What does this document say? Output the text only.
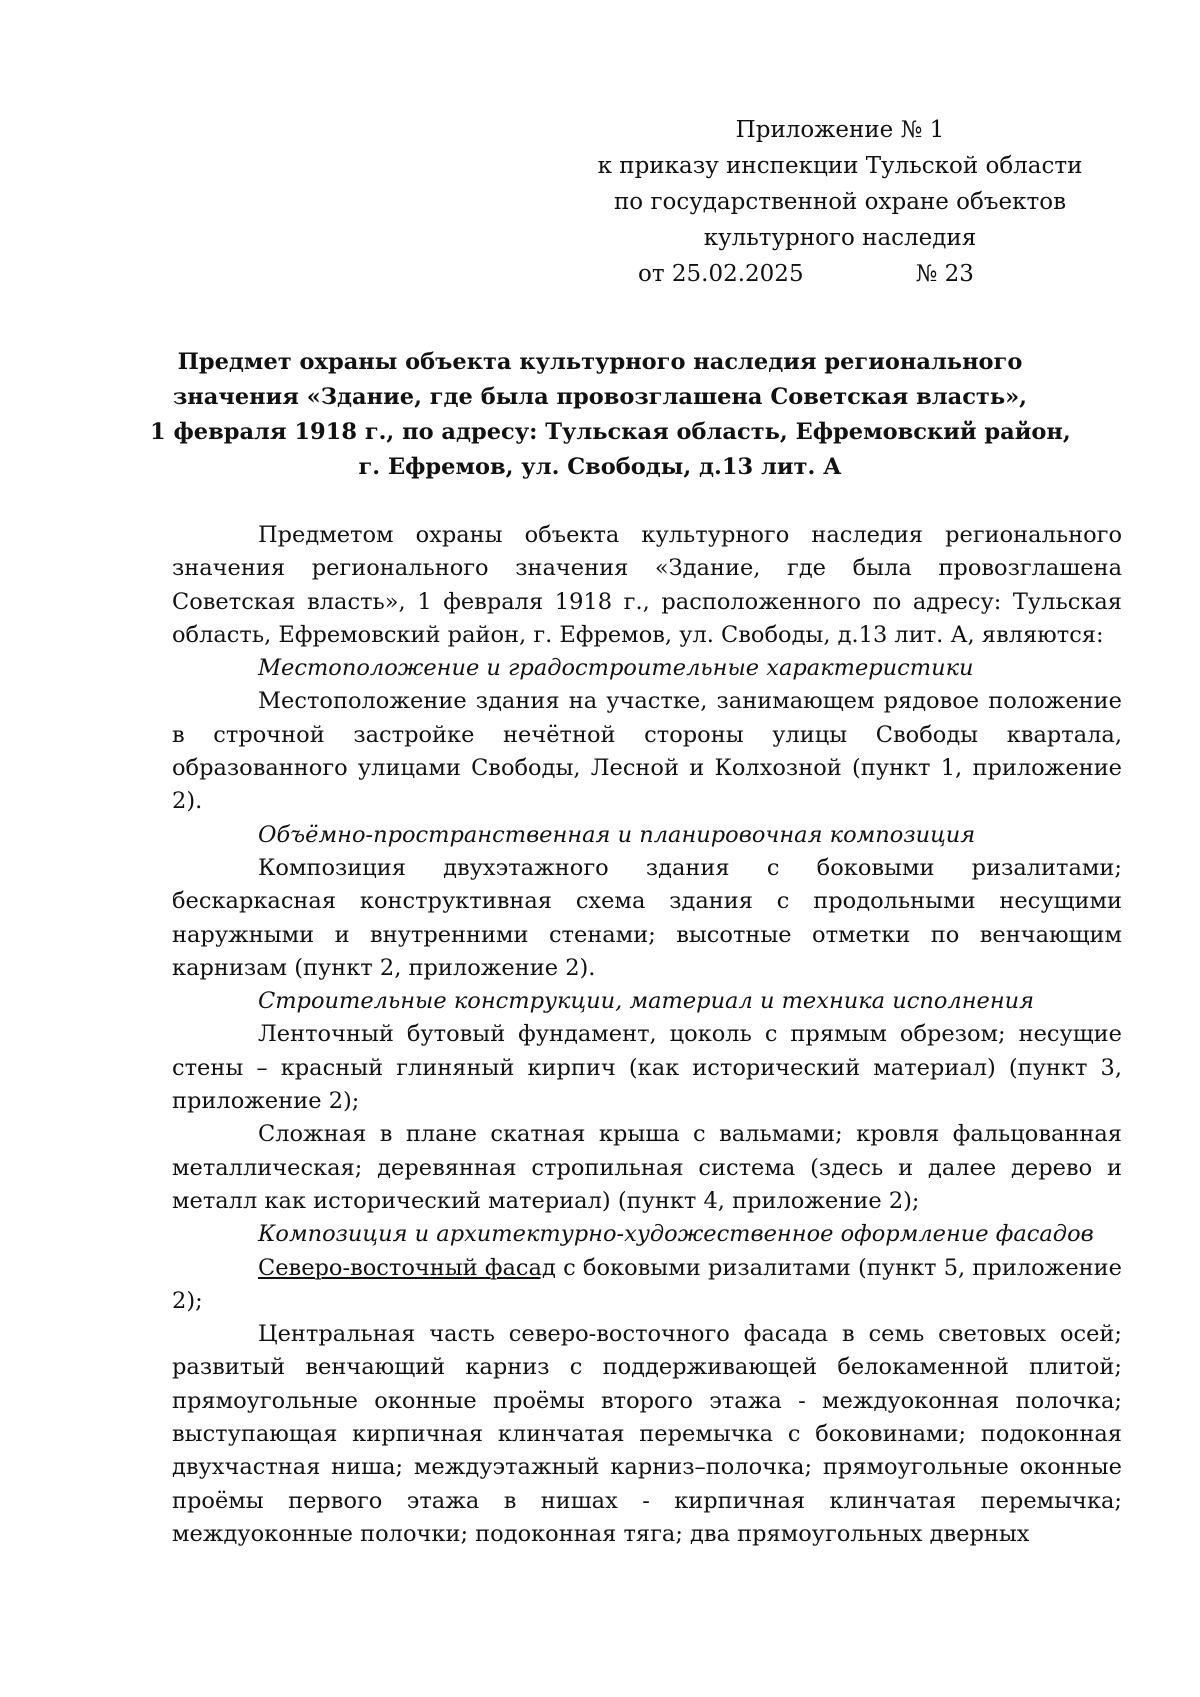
Приложение № 1
к приказу инспекции Тульской области
по государственной охране объектов
культурного наследия
от 25.02.2025	№ 23
Предмет охраны объекта культурного наследия регионального
значения «Здание, где была провозглашена Советская власть»,
1 февраля 1918 г., по адресу: Тульская область, Ефремовский район,
г. Ефремов, ул. Свободы, д.13 лит. А

Предметом охраны объекта культурного наследия регионального значения регионального значения «Здание, где была провозглашена Советская власть», 1 февраля 1918 г., расположенного по адресу: Тульская область, Ефремовский район, г. Ефремов, ул. Свободы, д.13 лит. А, являются:

Местоположение и градостроительные характеристики

Местоположение здания на участке, занимающем рядовое положение в строчной застройке нечётной стороны улицы Свободы квартала, образованного улицами Свободы, Лесной и Колхозной (пункт 1, приложение 2).

Объёмно-пространственная и планировочная композиция

Композиция двухэтажного здания с боковыми ризалитами; бескаркасная конструктивная схема здания с продольными несущими наружными и внутренними стенами; высотные отметки по венчающим карнизам (пункт 2, приложение 2).

Строительные конструкции, материал и техника исполнения

Ленточный бутовый фундамент, цоколь с прямым обрезом; несущие стены – красный глиняный кирпич (как исторический материал) (пункт 3, приложение 2);

Сложная в плане скатная крыша с вальмами; кровля фальцованная металлическая; деревянная стропильная система (здесь и далее дерево и металл как исторический материал) (пункт 4, приложение 2);

Композиция и архитектурно-художественное оформление фасадов

Северо-восточный фасад с боковыми ризалитами (пункт 5, приложение 2);

Центральная часть северо-восточного фасада в семь световых осей; развитый венчающий карниз с поддерживающей белокаменной плитой; прямоугольные оконные проёмы второго этажа - междуоконная полочка; выступающая кирпичная клинчатая перемычка с боковинами; подоконная двухчастная ниша; междуэтажный карниз–полочка; прямоугольные оконные проёмы первого этажа в нишах - кирпичная клинчатая перемычка; междуоконные полочки; подоконная тяга; два прямоугольных дверных
